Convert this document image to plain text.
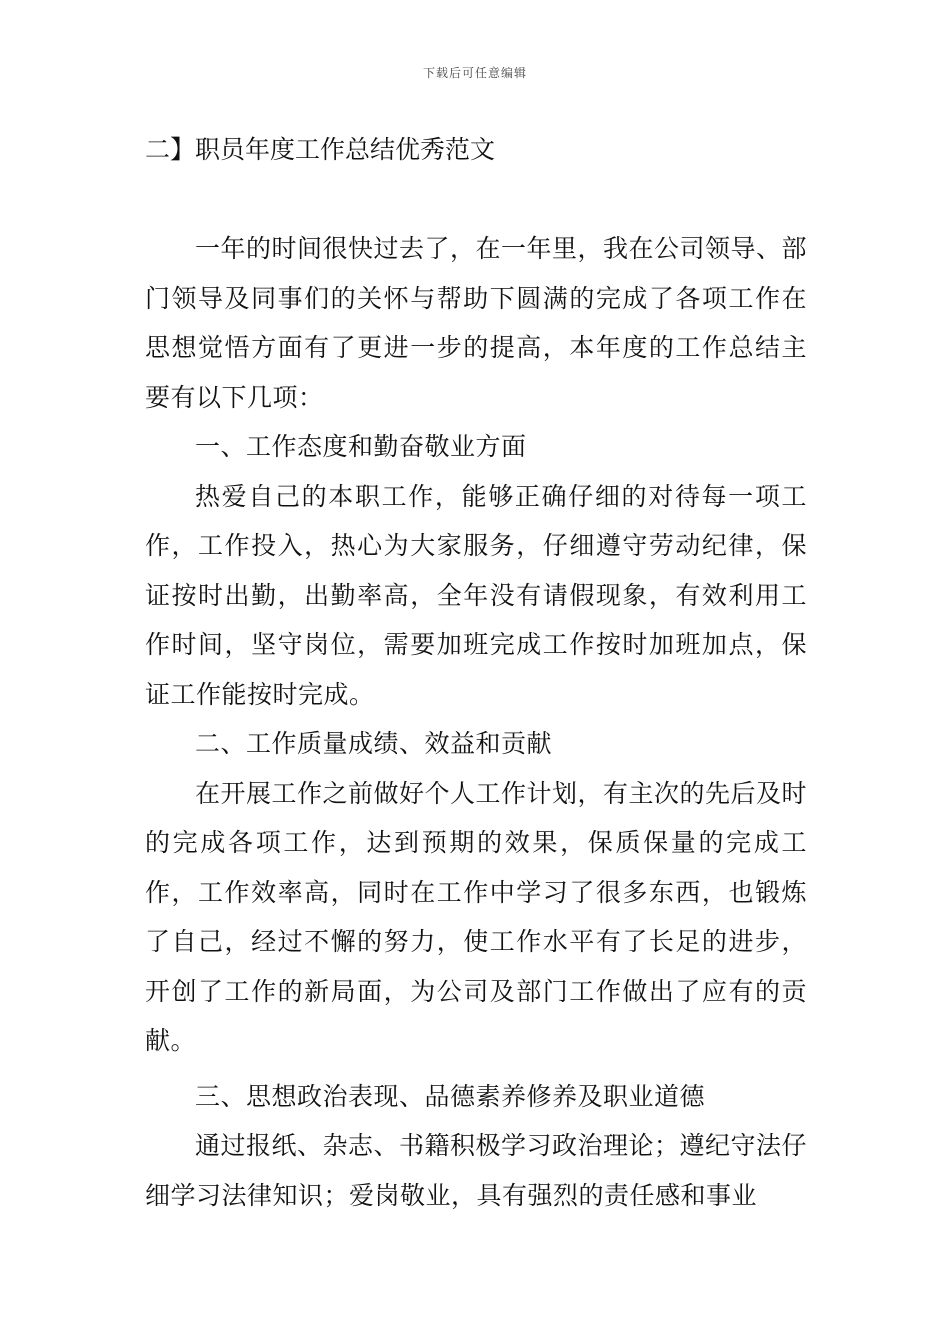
下载后可任意编辑
二】职员年度工作总结优秀范文

一年的时间很快过去了，在一年里，我在公司领导、部门领导及同事们的关怀与帮助下圆满的完成了各项工作在思想觉悟方面有了更进一步的提高，本年度的工作总结主要有以下几项：

一、工作态度和勤奋敬业方面

热爱自己的本职工作，能够正确仔细的对待每一项工作，工作投入，热心为大家服务，仔细遵守劳动纪律，保证按时出勤，出勤率高，全年没有请假现象，有效利用工作时间，坚守岗位，需要加班完成工作按时加班加点，保证工作能按时完成。

二、工作质量成绩、效益和贡献

在开展工作之前做好个人工作计划，有主次的先后及时的完成各项工作，达到预期的效果，保质保量的完成工作，工作效率高，同时在工作中学习了很多东西，也锻炼了自己，经过不懈的努力，使工作水平有了长足的进步，开创了工作的新局面，为公司及部门工作做出了应有的贡献。

三、思想政治表现、品德素养修养及职业道德

通过报纸、杂志、书籍积极学习政治理论；遵纪守法仔细学习法律知识；爱岗敬业，具有强烈的责任感和事业
